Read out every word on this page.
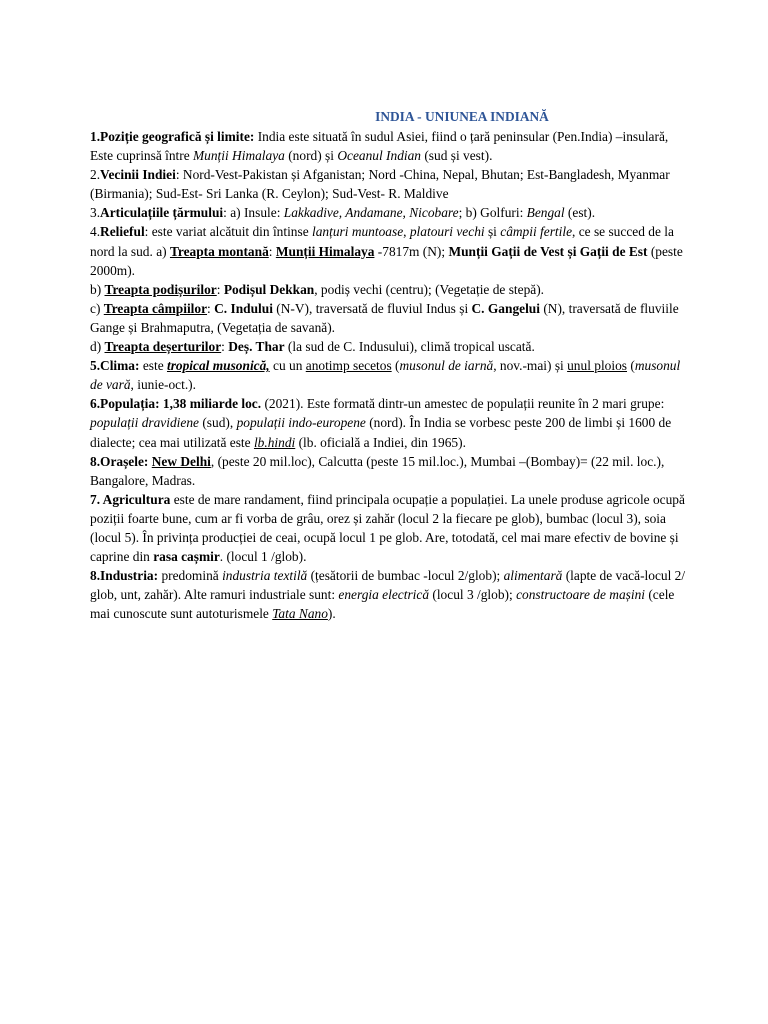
INDIA - UNIUNEA INDIANĂ

1.Poziție geografică și limite: India este situată în sudul Asiei, fiind o țară peninsular (Pen.India) –insulară, Este cuprinsă între Munții Himalaya (nord) și Oceanul Indian (sud și vest).

2.Vecinii Indiei: Nord-Vest-Pakistan și Afganistan; Nord -China, Nepal, Bhutan; Est-Bangladesh, Myanmar (Birmania); Sud-Est- Sri Lanka (R. Ceylon); Sud-Vest- R. Maldive

3.Articulațiile țărmului: a) Insule: Lakkadive, Andamane, Nicobare; b) Golfuri: Bengal (est).

4.Relieful: este variat alcătuit din întinse lanțuri muntoase, platouri vechi și câmpii fertile, ce se succed de la nord la sud. a) Treapta montană: Munții Himalaya -7817m (N); Munții Gații de Vest și Gații de Est (peste 2000m).

b) Treapta podișurilor: Podișul Dekkan, podiș vechi (centru); (Vegetație de stepă).

c) Treapta câmpiilor: C. Indului (N-V), traversată de fluviul Indus și C. Gangelui (N), traversată de fluviile Gange și Brahmaputra, (Vegetația de savană).

d) Treapta deșerturilor: Deș. Thar (la sud de C. Indusului), climă tropical uscată.

5.Clima: este tropical musonică, cu un anotimp secetos (musonul de iarnă, nov.-mai) și unul ploios (musonul de vară, iunie-oct.).

6.Populația: 1,38 miliarde loc. (2021). Este formată dintr-un amestec de populații reunite în 2 mari grupe: populații dravidiene (sud), populații indo-europene (nord). În India se vorbesc peste 200 de limbi și 1600 de dialecte; cea mai utilizată este lb.hindi (lb. oficială a Indiei, din 1965).

8.Orașele: New Delhi, (peste 20 mil.loc), Calcutta (peste 15 mil.loc.), Mumbai –(Bombay)= (22 mil. loc.), Bangalore, Madras.

7. Agricultura este de mare randament, fiind principala ocupație a populației. La unele produse agricole ocupă poziții foarte bune, cum ar fi vorba de grâu, orez și zahăr (locul 2 la fiecare pe glob), bumbac (locul 3), soia (locul 5). În privința producției de ceai, ocupă locul 1 pe glob. Are, totodată, cel mai mare efectiv de bovine și caprine din rasa cașmir. (locul 1 /glob).

8.Industria: predomină industria textilă (țesătorii de bumbac -locul 2/glob); alimentară (lapte de vacă-locul 2/ glob, unt, zahăr). Alte ramuri industriale sunt: energia electrică (locul 3 /glob); constructoare de mașini (cele mai cunoscute sunt autoturismele Tata Nano).
